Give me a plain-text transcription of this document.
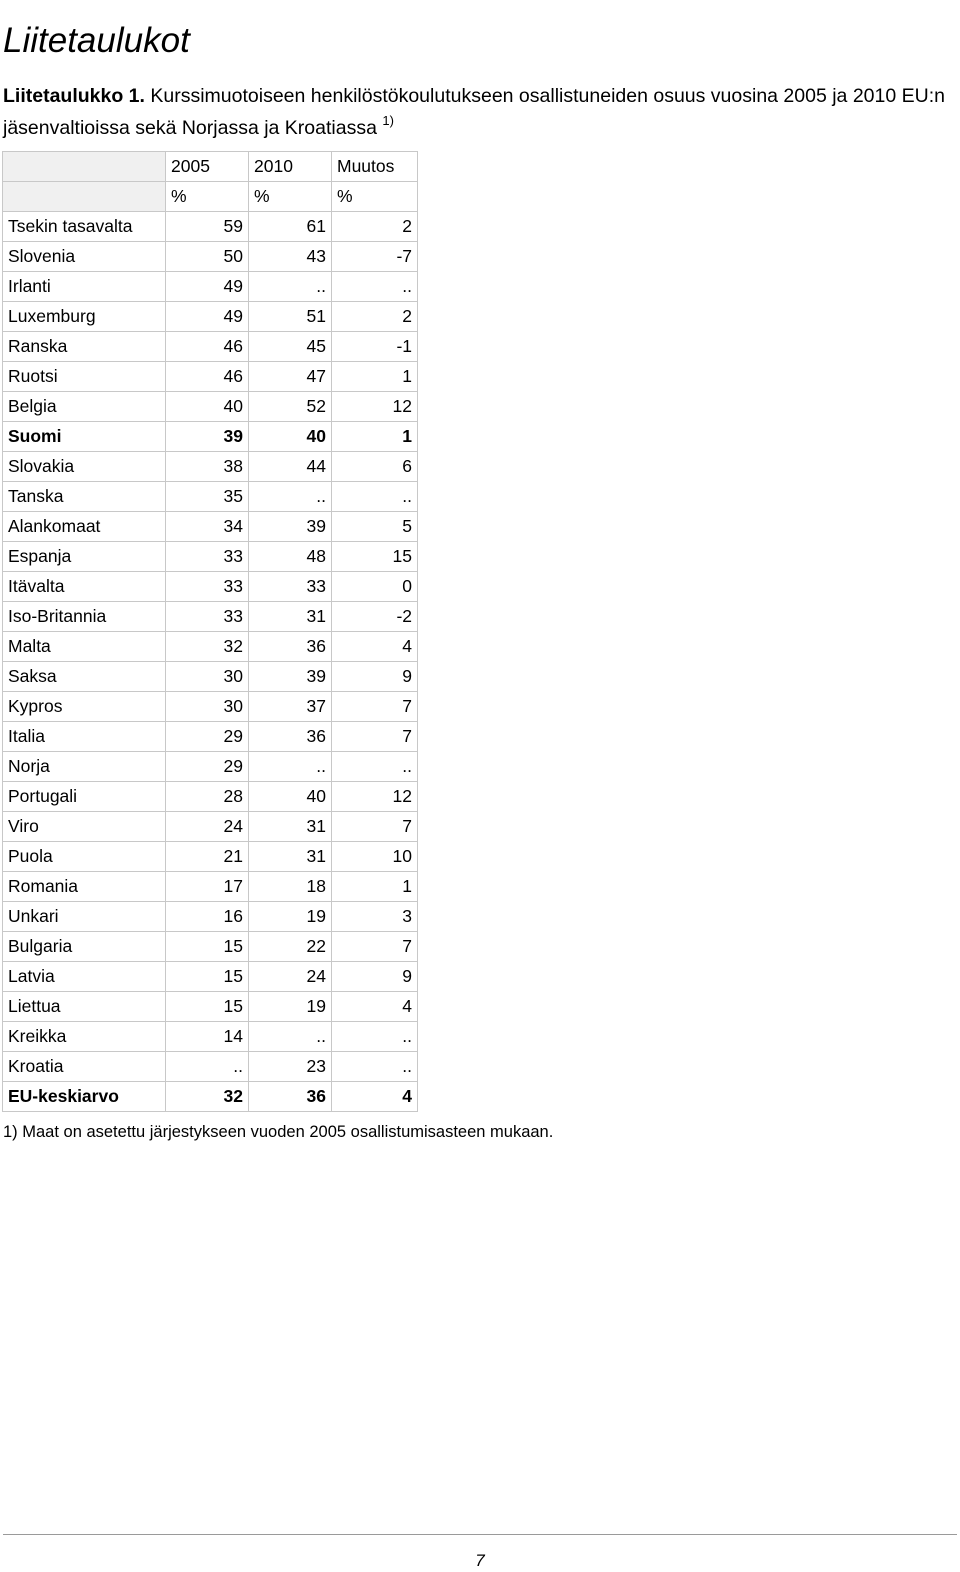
Liitetaulukot
Liitetaulukko 1. Kurssimuotoiseen henkilöstökoulutukseen osallistuneiden osuus vuosina 2005 ja 2010 EU:n jäsenvaltioissa sekä Norjassa ja Kroatiassa $^{1)}$
	2005	2010	Muutos
	%	%	%
Tsekin tasavalta	59	61	2
Slovenia	50	43	-7
Irlanti	49	..	..
Luxemburg	49	51	2
Ranska	46	45	-1
Ruotsi	46	47	1
Belgia	40	52	12
Suomi	39	40	1
Slovakia	38	44	6
Tanska	35	..	..
Alankomaat	34	39	5
Espanja	33	48	15
Itävalta	33	33	0
Iso-Britannia	33	31	-2
Malta	32	36	4
Saksa	30	39	9
Kypros	30	37	7
Italia	29	36	7
Norja	29	..	..
Portugali	28	40	12
Viro	24	31	7
Puola	21	31	10
Romania	17	18	1
Unkari	16	19	3
Bulgaria	15	22	7
Latvia	15	24	9
Liettua	15	19	4
Kreikka	14	..	..
Kroatia	..	23	..
EU-keskiarvo	32	36	4
1) Maat on asetettu järjestykseen vuoden 2005 osallistumisasteen mukaan.
7
